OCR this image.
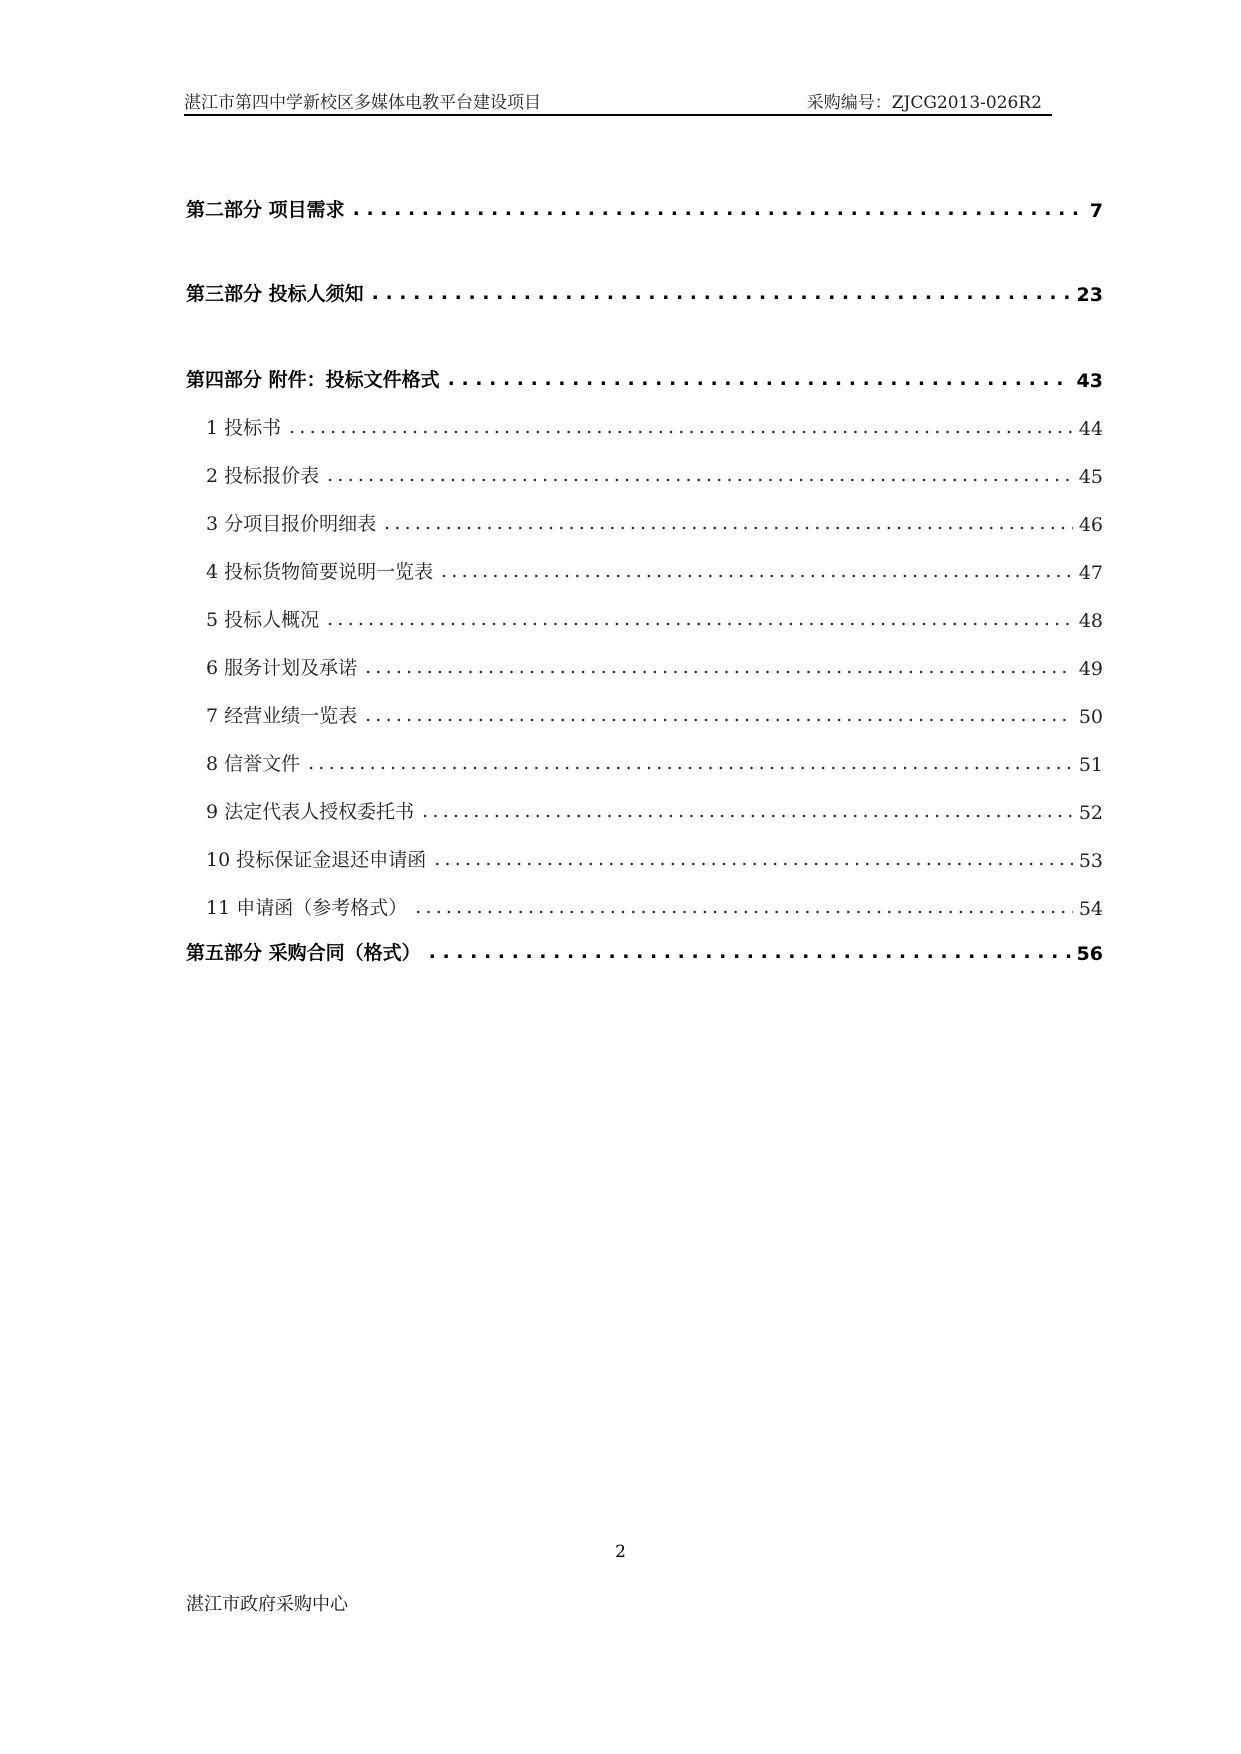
湛江市第四中学新校区多媒体电教平台建设项目	采购编号：ZJCG2013-026R2
第二部分 项目需求 . . .	7
第三部分 投标人须知 . . .	23
第四部分 附件：投标文件格式 . . .	43
1 投标书 .....	44
2 投标报价表 .....	45
3 分项目报价明细表 .....	46
4 投标货物简要说明一览表 .....	47
5 投标人概况 .....	48
6 服务计划及承诺 .....	49
7 经营业绩一览表 .....	50
8 信誉文件 .....	51
9 法定代表人授权委托书 .....	52
10 投标保证金退还申请函 .....	53
11 申请函（参考格式） .....	54
第五部分 采购合同（格式） . . .	56
2
湛江市政府采购中心
